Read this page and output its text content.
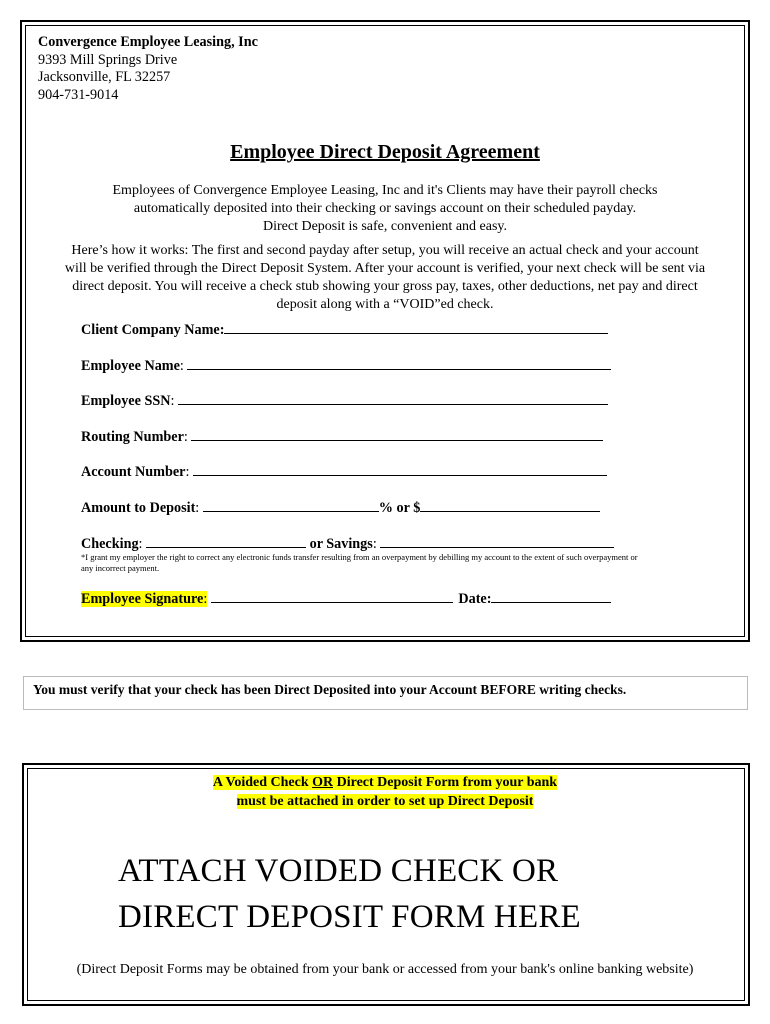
Convergence Employee Leasing, Inc
9393 Mill Springs Drive
Jacksonville, FL 32257
904-731-9014
Employee Direct Deposit Agreement
Employees of Convergence Employee Leasing, Inc and it's Clients may have their payroll checks
automatically deposited into their checking or savings account on their scheduled payday.
Direct Deposit is safe, convenient and easy.
Here’s how it works: The first and second payday after setup, you will receive an actual check and your account
will be verified through the Direct Deposit System. After your account is verified, your next check will be sent via
direct deposit. You will receive a check stub showing your gross pay, taxes, other deductions, net pay and direct
deposit along with a “VOID”ed check.
Client Company Name:
Employee Name:
Employee SSN:
Routing Number:
Account Number:
Amount to Deposit:	% or $
Checking:	or Savings:
*I grant my employer the right to correct any electronic funds transfer resulting from an overpayment by debilling my account to the extent of such overpayment or any incorrect payment.
Employee Signature:	Date:
You must verify that your check has been Direct Deposited into your Account BEFORE writing checks.
A Voided Check OR Direct Deposit Form from your bank
must be attached in order to set up Direct Deposit
ATTACH VOIDED CHECK OR
DIRECT DEPOSIT FORM HERE
(Direct Deposit Forms may be obtained from your bank or accessed from your bank's online banking website)
